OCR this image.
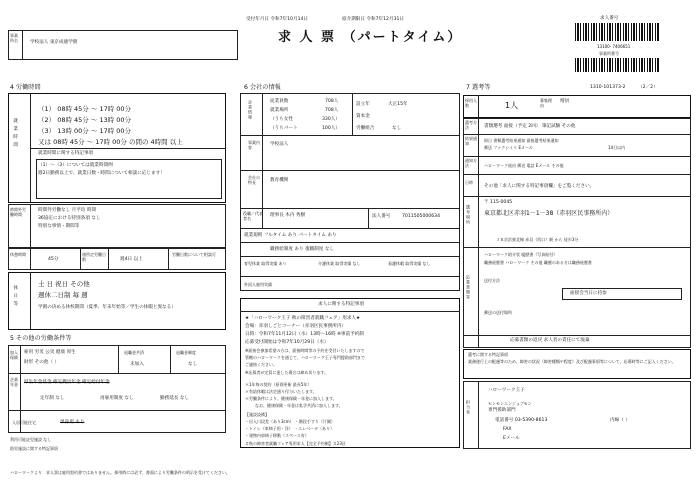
受付年月日 令和7年10月14日	紹介期限日 令和7年12月31日
求 人 票 （パートタイム）
求人番号
13100- 7406651
事業所番号
1310-101373-2	（2／2）
事業所名	学校法人 東京成徳学園
4 労働時間
就 業 時 間
（1） 08時 45分 ～ 17時 00分
（2） 08時 45分 ～ 13時 00分
（3） 13時 00分 ～ 17時 00分
又は 08時 45分 ～ 17時 00分 の間の 4時間 以上
就業時間に関する特記事項
（1）～（3）については就業時間例
週2日勤務以上で、就業日数・時間について相談に応じます！
時間外労働時間
時間外労働なし 月平均 時間
36協定における特別条項 なし
特別な事情・期間等
休憩時間
45分
週所定労働日数	週4日 以上
労働日数について相談可
休 日 等
土 日 祝日 その他
週休二日制 毎 週
学園の決める休校期間（夏季、年末年始等／学生の休暇と異なる）
5 その他の労働条件等
加入保険
雇用 労災 公災 健康 厚生
財形 その他（ ）
退職金共済
未加入
退職金制度
なし
企業年金 厚生年金基金 確定拠出年金 確定給付年金
定年制 なし	再雇用制度 なし	勤務延長 なし
入居可能住宅	単身用 あり
利用可能託児施設 なし
防災施設に関する特記事項
6 会社の情報
企業情報	従業員数	708人
就業場所	708人
（うち女性	330人）
（うちパート	100人）
設立年	大正15年
資本金
労働組合	なし
事業内容
学校法人
会社の特長	教育機関
役職／代表者名
理事長 木内 秀樹	法人番号	7011505000634
就業規則 フルタイム あり パートタイム あり
職務給制度 あり 復職制度 なし
育児休業 取得実績 あり	介護休業 取得実績 なし	看護休暇 取得実績 なし
外国人雇用実績
求人に関する特記事項
★「ハローワーク王子 秋の障害者就職フェア」用求人★
会場：赤羽しごとコーナー（赤羽区民事務所内）
日時：令和7年11月12日（水）13時～16時 ※事前予約制
応募受付開始は令和7年10月29日（水）
※面接会参加希望の方は、面接時間等の予約を受付いたしますので
管轄のハローワークを通じて、ハローワーク王子専門援助部門まで
ご連絡ください。
※応募者が定員に達した場合は締め切ります。
＊1年毎の契約（原則更新 最長5年）
＊有給休暇は法定通り付与いたします。
＊労働条件により、健康保険・年金に加入します。
なお、健康保険・年金は私学共済に加入します。
【施設設備】
・出入口段差（あり3cm） ・階段手すり（片側）
・トイレ（車椅子用・洋） ・エレベータ（あり）
・建物内車椅子移動（スペース有）
＃秋の障害者就職フェア専用求人【完全予約制】＃23区
7 選考等
採用人数	1人
募集理由
増員
選考方法	書類選考 面接（予定 2回） 筆記試験 その他
結果通知
即日 書類選考結果通知 面接選考結果通知
郵送 ファクシミリ Eメール	14日以内
通知方法	ハローワーク経由 郵送 電話 Eメール その他
日時
その他「求人に関する特記事項欄」をご覧ください。
選考場所
〒 115-0045
東京都北区赤羽1－1－38（赤羽区民事務所内）
ＪＲ京浜東北線 赤羽（西口）駅 から 徒歩3分
応募書類等
ハローワーク紹介状 履歴書（写真貼付）
職務経歴書 ハローワーク その他 職歴のある方は職務経歴書
送付方法
面接会当日に持参
郵送の送付場所
応募書類の返戻 求人者の責任にて廃棄
選考に関する特記事項
業務遂行上の配慮等のため、障害の状況（障害種類や程度）及び配慮事項等について、応募時等にご記入ください。
担当者
ハローワーク王子
センモンエンジョブモン
専門援助部門
電話番号 03-5390-8613	内線（ ）
FAX
Eメール
ハローワークより：求人票は雇用契約書ではありません。採用時には必ず、書面により労働条件の明示を受けてください。
